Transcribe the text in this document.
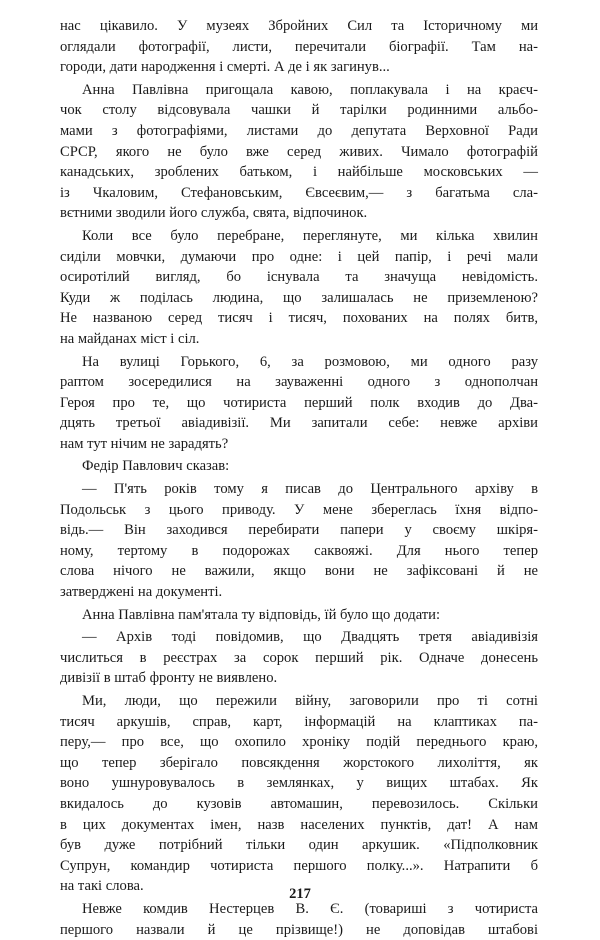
нас цікавило. У музеях Збройних Сил та Історичному ми

оглядали фотографії, листи, перечитали біографії. Там на-

городи, дати народження і смерті. А де і як загинув...

Анна Павлівна пригощала кавою, поплакувала і на краєч-

чок столу відсовувала чашки й тарілки родинними альбо-

мами з фотографіями, листами до депутата Верховної Ради

СРСР, якого не було вже серед живих. Чимало фотографій

канадських, зроблених батьком, і найбільше московських —

із Чкаловим, Стефановським, Євсеєвим,— з багатьма сла-

вєтними зводили його служба, свята, відпочинок.

Коли все було перебране, переглянуте, ми кілька хвилин

сиділи мовчки, думаючи про одне: і цей папір, і речі мали

осиротілий вигляд, бо існувала та значуща невідомість.

Куди ж поділась людина, що залишалась не приземленою?

Не названою серед тисяч і тисяч, похованих на полях битв,

на майданах міст і сіл.

На вулиці Горького, 6, за розмовою, ми одного разу

раптом зосередилися на зауваженні одного з однополчан

Героя про те, що чотириста перший полк входив до Два-

дцять третьої авіадивізії. Ми запитали себе: невже архіви

нам тут нічим не зарадять?

Федір Павлович сказав:

— П'ять років тому я писав до Центрального архіву в

Подольськ з цього приводу. У мене збереглась їхня відпо-

відь.— Він заходився перебирати папери у своєму шкіря-

ному, тертому в подорожах саквояжі. Для нього тепер

слова нічого не важили, якщо вони не зафіксовані й не

затверджені на документі.

Анна Павлівна пам'ятала ту відповідь, їй було що додати:

— Архів тоді повідомив, що Двадцять третя авіадивізія

числиться в реєстрах за сорок перший рік. Одначе донесень

дивізії в штаб фронту не виявлено.

Ми, люди, що пережили війну, заговорили про ті сотні

тисяч аркушів, справ, карт, інформацій на клаптиках па-

перу,— про все, що охопило хроніку подій переднього краю,

що тепер зберігало повсякдення жорстокого лихоліття, як

воно ушнуровувалось в землянках, у вищих штабах. Як

вкидалось до кузовів автомашин, перевозилось. Скільки

в цих документах імен, назв населених пунктів, дат! А нам

був дуже потрібний тільки один аркушик. «Підполковник

Супрун, командир чотириста першого полку...». Натрапити б

на такі слова.

Невже комдив Нестерцев В. Є. (товариші з чотириста

першого назвали й це прізвище!) не доповідав штабові

217
